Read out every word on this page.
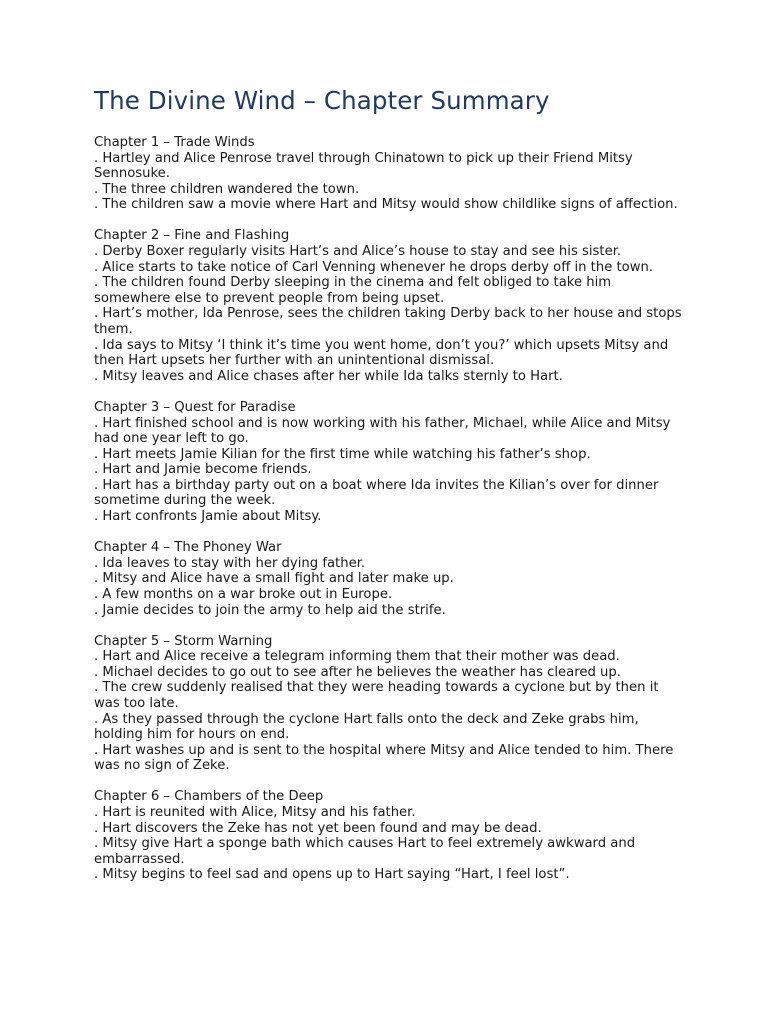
The Divine Wind – Chapter Summary

Chapter 1 – Trade Winds

. Hartley and Alice Penrose travel through Chinatown to pick up their Friend Mitsy Sennosuke.

. The three children wandered the town.

. The children saw a movie where Hart and Mitsy would show childlike signs of affection.

Chapter 2 – Fine and Flashing

. Derby Boxer regularly visits Hart’s and Alice’s house to stay and see his sister.

. Alice starts to take notice of Carl Venning whenever he drops derby off in the town.

. The children found Derby sleeping in the cinema and felt obliged to take him somewhere else to prevent people from being upset.

. Hart’s mother, Ida Penrose, sees the children taking Derby back to her house and stops them.

. Ida says to Mitsy ‘I think it’s time you went home, don’t you?’ which upsets Mitsy and then Hart upsets her further with an unintentional dismissal.

. Mitsy leaves and Alice chases after her while Ida talks sternly to Hart.

Chapter 3 – Quest for Paradise

. Hart finished school and is now working with his father, Michael, while Alice and Mitsy had one year left to go.

. Hart meets Jamie Kilian for the first time while watching his father’s shop.

. Hart and Jamie become friends.

. Hart has a birthday party out on a boat where Ida invites the Kilian’s over for dinner sometime during the week.

. Hart confronts Jamie about Mitsy.

Chapter 4 – The Phoney War

. Ida leaves to stay with her dying father.

. Mitsy and Alice have a small fight and later make up.

. A few months on a war broke out in Europe.

. Jamie decides to join the army to help aid the strife.

Chapter 5 – Storm Warning

. Hart and Alice receive a telegram informing them that their mother was dead.

. Michael decides to go out to see after he believes the weather has cleared up.

. The crew suddenly realised that they were heading towards a cyclone but by then it was too late.

. As they passed through the cyclone Hart falls onto the deck and Zeke grabs him, holding him for hours on end.

. Hart washes up and is sent to the hospital where Mitsy and Alice tended to him. There was no sign of Zeke.

Chapter 6 – Chambers of the Deep

. Hart is reunited with Alice, Mitsy and his father.

. Hart discovers the Zeke has not yet been found and may be dead.

. Mitsy give Hart a sponge bath which causes Hart to feel extremely awkward and embarrassed.

. Mitsy begins to feel sad and opens up to Hart saying “Hart, I feel lost”.
